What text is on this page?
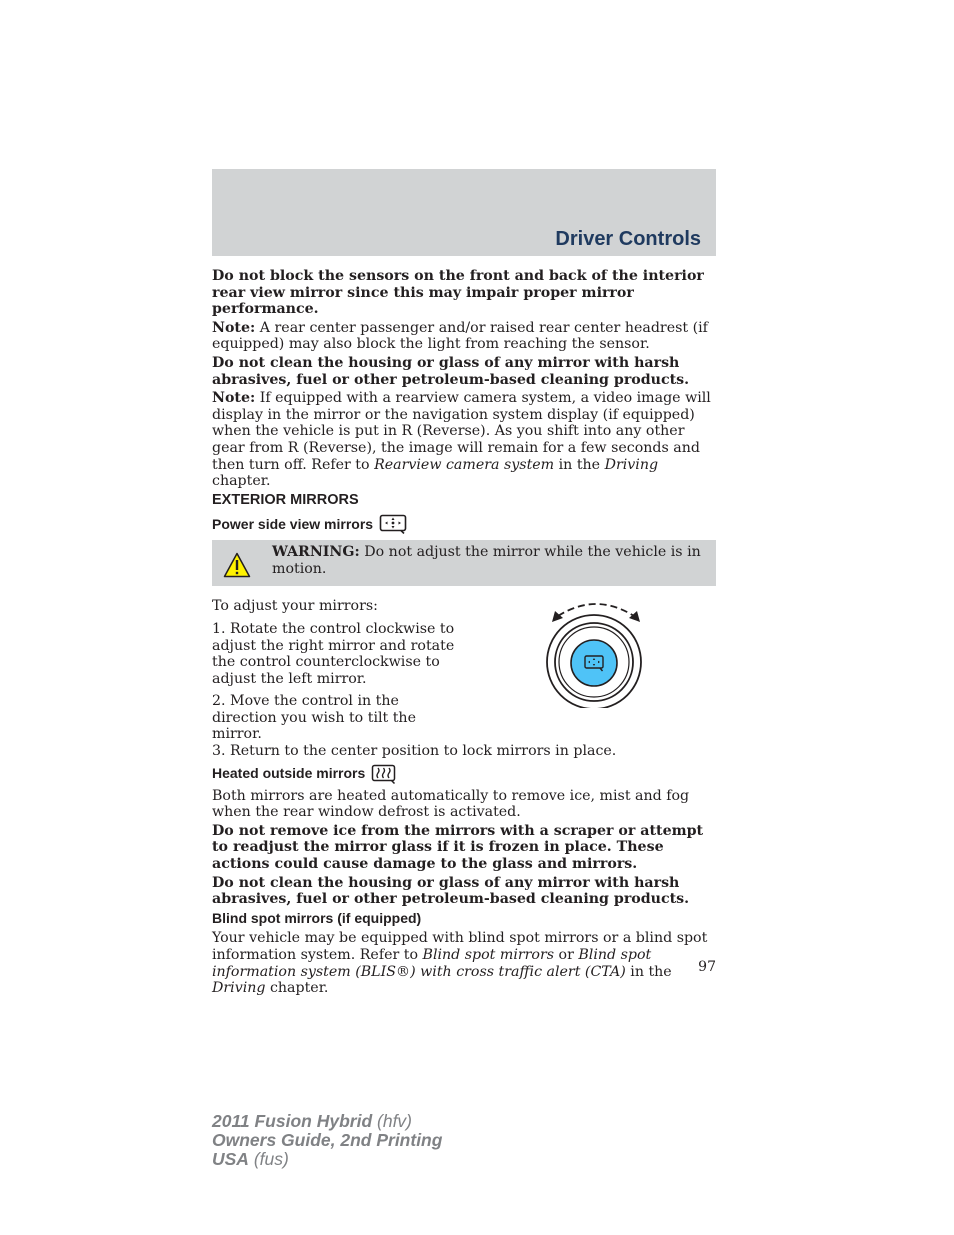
Driver Controls

Do not block the sensors on the front and back of the interior rear view mirror since this may impair proper mirror performance.

Note: A rear center passenger and/or raised rear center headrest (if equipped) may also block the light from reaching the sensor.

Do not clean the housing or glass of any mirror with harsh abrasives, fuel or other petroleum-based cleaning products.

Note: If equipped with a rearview camera system, a video image will display in the mirror or the navigation system display (if equipped) when the vehicle is put in R (Reverse). As you shift into any other gear from R (Reverse), the image will remain for a few seconds and then turn off. Refer to Rearview camera system in the Driving chapter.

EXTERIOR MIRRORS
Power side view mirrors
WARNING: Do not adjust the mirror while the vehicle is in motion.

To adjust your mirrors:

1. Rotate the control clockwise to adjust the right mirror and rotate the control counterclockwise to adjust the left mirror.

2. Move the control in the direction you wish to tilt the mirror.

3. Return to the center position to lock mirrors in place.

Heated outside mirrors

Both mirrors are heated automatically to remove ice, mist and fog when the rear window defrost is activated.

Do not remove ice from the mirrors with a scraper or attempt to readjust the mirror glass if it is frozen in place. These actions could cause damage to the glass and mirrors.

Do not clean the housing or glass of any mirror with harsh abrasives, fuel or other petroleum-based cleaning products.

Blind spot mirrors (if equipped)

Your vehicle may be equipped with blind spot mirrors or a blind spot information system. Refer to Blind spot mirrors or Blind spot information system (BLIS®) with cross traffic alert (CTA) in the Driving chapter.

97
2011 Fusion Hybrid (hfv)
Owners Guide, 2nd Printing
USA (fus)
